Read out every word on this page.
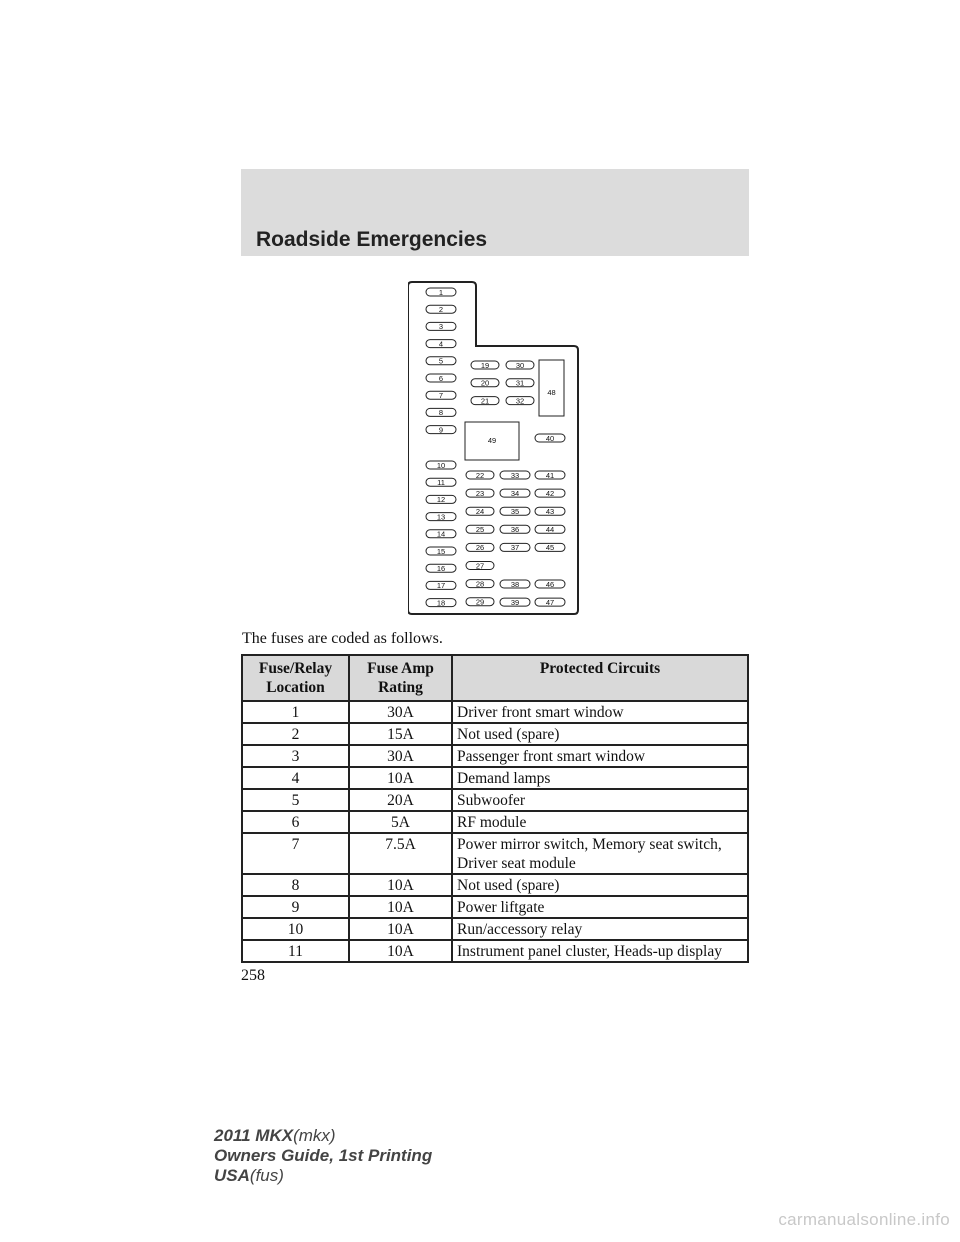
Roadside Emergencies
1
2
3
4
5
6
7
8
9
10
11
12
13
14
15
16
17
18
19
20
21
30
31
32
48
49	40
22
23
24
25
26
27
28
29
33
34
35
36
37
38
39
41
42
43
44
45
46
47
The fuses are coded as follows.
Fuse/Relay Location	Fuse Amp Rating	Protected Circuits
1	30A	Driver front smart window
2	15A	Not used (spare)
3	30A	Passenger front smart window
4	10A	Demand lamps
5	20A	Subwoofer
6	5A	RF module
7	7.5A	Power mirror switch, Memory seat switch, Driver seat module
8	10A	Not used (spare)
9	10A	Power liftgate
10	10A	Run/accessory relay
11	10A	Instrument panel cluster, Heads-up display
258
2011 MKX(mkx)
Owners Guide, 1st Printing
USA(fus)
carmanualsonline.info
